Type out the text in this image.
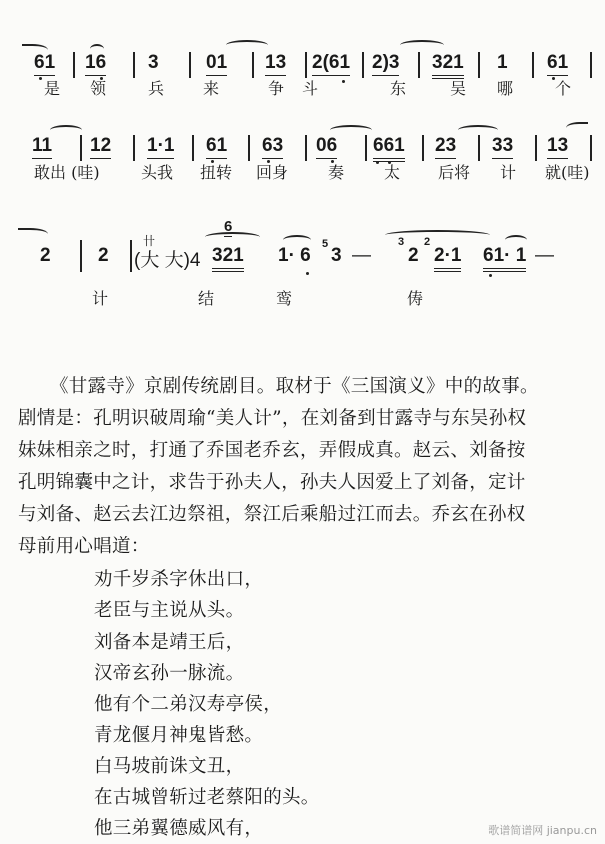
61 16 3 01 13 2(61 2)3 321 1 61
是 领	兵 来	争斗	东	吴 哪	个
11 12 1·1 61 63 06 661 23 33 13
敢出 (哇)	头我 扭转 回身 奏 太 后将 计 就(哇)
2 2
卄
(大 大)4
6
321 1· 6
5
3 —
3
2
2
2·1 61· 1 —
计	结	鸾	俦
《甘露寺》京剧传统剧目。取材于《三国演义》中的故事。
剧情是：孔明识破周瑜“美人计”，在刘备到甘露寺与东吴孙权
妹妹相亲之时，打通了乔国老乔玄，弄假成真。赵云、刘备按
孔明锦囊中之计，求告于孙夫人，孙夫人因爱上了刘备，定计
与刘备、赵云去江边祭祖，祭江后乘船过江而去。乔玄在孙权
母前用心唱道：
劝千岁杀字休出口，
老臣与主说从头。
刘备本是靖王后，
汉帝玄孙一脉流。
他有个二弟汉寿亭侯，
青龙偃月神鬼皆愁。
白马坡前诛文丑，
在古城曾斩过老蔡阳的头。
他三弟翼德威风有，	歌谱简谱网 jianpu.cn
